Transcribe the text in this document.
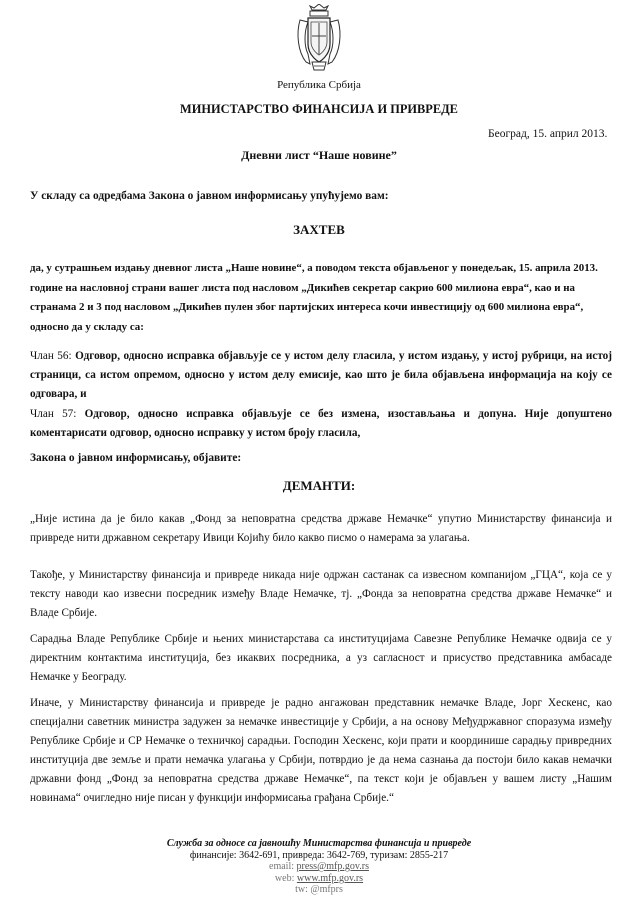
Република Србија
МИНИСТАРСТВО ФИНАНСИЈА И ПРИВРЕДЕ
Београд, 15. април 2013.
Дневни лист “Наше новине”
У складу са одредбама Закона о јавном информисању упућујемо вам:
ЗАХТЕВ
да, у сутрашњем издању дневног листа „Наше новине“, а поводом текста објављеног у понедељак, 15. априла 2013.
године на насловној страни вашег листа под насловом „Дикићев секретар сакрио 600 милиона евра“, као и на
странама 2 и 3 под насловом „Дикићев пулен због партијских интереса кочи инвестицију од 600 милиона евра“,
односно да у складу са:
Члан 56: Одговор, односно исправка објављује се у истом делу гласила, у истом издању, у истој рубрици, на истој страници, са истом опремом, односно у истом делу емисије, као што је била објављена информација на коју се одговара, и
Члан 57: Одговор, односно исправка објављује се без измена, изостављања и допуна. Није допуштено коментарисати одговор, односно исправку у истом броју гласила,
Закона о јавном информисању, објавите:
ДЕМАНТИ:
„Није истина да је било какав „Фонд за неповратна средства државе Немачке“ упутио Министарству финансија и привреде нити државном секретару Ивици Којићу било какво писмо о намерама за улагања.
Такође, у Министарству финансија и привреде никада није одржан састанак са извесном компанијом „ГЦА“, која се у тексту наводи као извесни посредник између Владе Немачке, тј. „Фонда за неповратна средства државе Немачке“ и Владе Србије.
Сарадња Владе Републике Србије и њених министарстава са институцијама Савезне Републике Немачке одвија се у директним контактима институција, без икаквих посредника, а уз сагласност и присуство представника амбасаде Немачке у Београду.
Иначе, у Министарству финансија и привреде је радно ангажован представник немачке Владе, Јорг Хескенс, као специјални саветник министра задужен за немачке инвестиције у Србији, а на основу Међудржавног споразума између Републике Србије и СР Немачке о техничкој сарадњи. Господин Хескенс, који прати и координише сарадњу привредних институција две земље и прати немачка улагања у Србији, потврдио је да нема сазнања да постоји било какав немачки државни фонд „Фонд за неповратна средства државе Немачке“, па текст који је објављен у вашем листу „Нашим новинама“ очигледно није писан у функцији информисања грађана Србије.“
Служба за односе са јавношћу Министарства финансија и привреде
финансије: 3642-691, привреда: 3642-769, туризам: 2855-217
email: press@mfp.gov.rs
web: www.mfp.gov.rs
tw: @mfprs
